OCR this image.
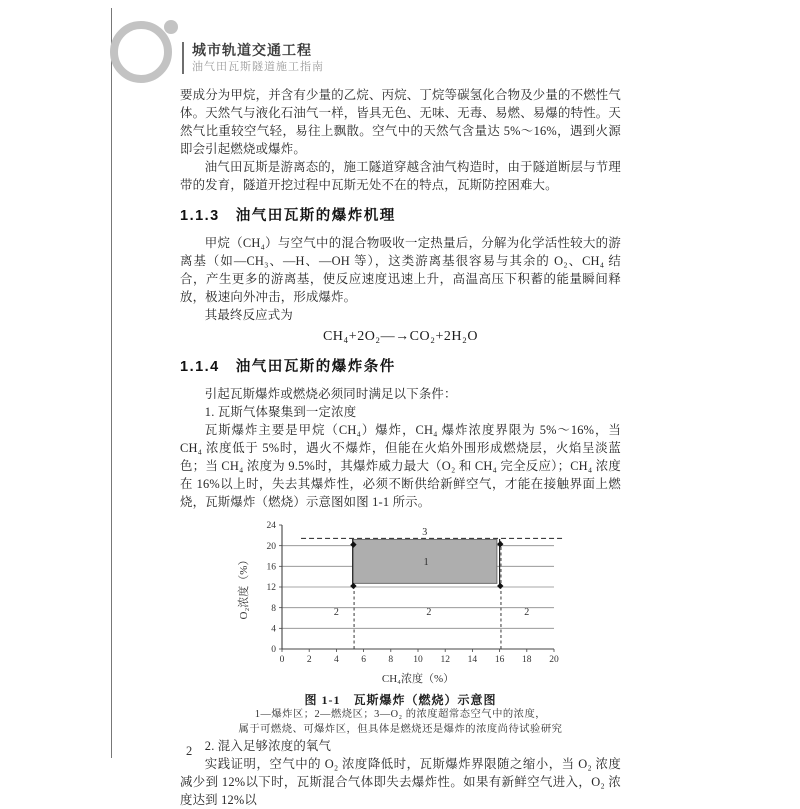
城市轨道交通工程
油气田瓦斯隧道施工指南

要成分为甲烷，并含有少量的乙烷、丙烷、丁烷等碳氢化合物及少量的不燃性气体。天然气与液化石油气一样，皆具无色、无味、无毒、易燃、易爆的特性。天然气比重较空气轻，易往上飘散。空气中的天然气含量达 5%～16%，遇到火源即会引起燃烧或爆炸。

油气田瓦斯是游离态的，施工隧道穿越含油气构造时，由于隧道断层与节理带的发育，隧道开挖过程中瓦斯无处不在的特点，瓦斯防控困难大。

1.1.3　油气田瓦斯的爆炸机理

甲烷（CH₄）与空气中的混合物吸收一定热量后，分解为化学活性较大的游离基（如—CH₃、—H、—OH 等），这类游离基很容易与其余的 O₂、CH₄ 结合，产生更多的游离基，使反应速度迅速上升，高温高压下积蓄的能量瞬间释放，极速向外冲击，形成爆炸。

其最终反应式为

CH₄+2O₂—→CO₂+2H₂O
1.1.4　油气田瓦斯的爆炸条件

引起瓦斯爆炸或燃烧必须同时满足以下条件：

1. 瓦斯气体聚集到一定浓度

瓦斯爆炸主要是甲烷（CH₄）爆炸，CH₄ 爆炸浓度界限为 5%～16%，当 CH₄ 浓度低于 5%时，遇火不爆炸，但能在火焰外围形成燃烧层，火焰呈淡蓝色；当 CH₄ 浓度为 9.5%时，其爆炸威力最大（O₂ 和 CH₄ 完全反应）；CH₄ 浓度在 16%以上时，失去其爆炸性，必须不断供给新鲜空气，才能在接触界面上燃烧，瓦斯爆炸（燃烧）示意图如图 1-1 所示。

0 2 4 6 8 10 12 14 16 18 20
0
4
8
12
16
20
24
3
1
2	2	2
CH₄浓度（%）
O₂浓度（%）
图 1-1　瓦斯爆炸（燃烧）示意图
1—爆炸区；2—燃烧区；3—O₂ 的浓度超常态空气中的浓度，
属于可燃烧、可爆炸区，但具体是燃烧还是爆炸的浓度尚待试验研究

2. 混入足够浓度的氧气

实践证明，空气中的 O₂ 浓度降低时，瓦斯爆炸界限随之缩小，当 O₂ 浓度减少到 12%以下时，瓦斯混合气体即失去爆炸性。如果有新鲜空气进入，O₂ 浓度达到 12%以

2
